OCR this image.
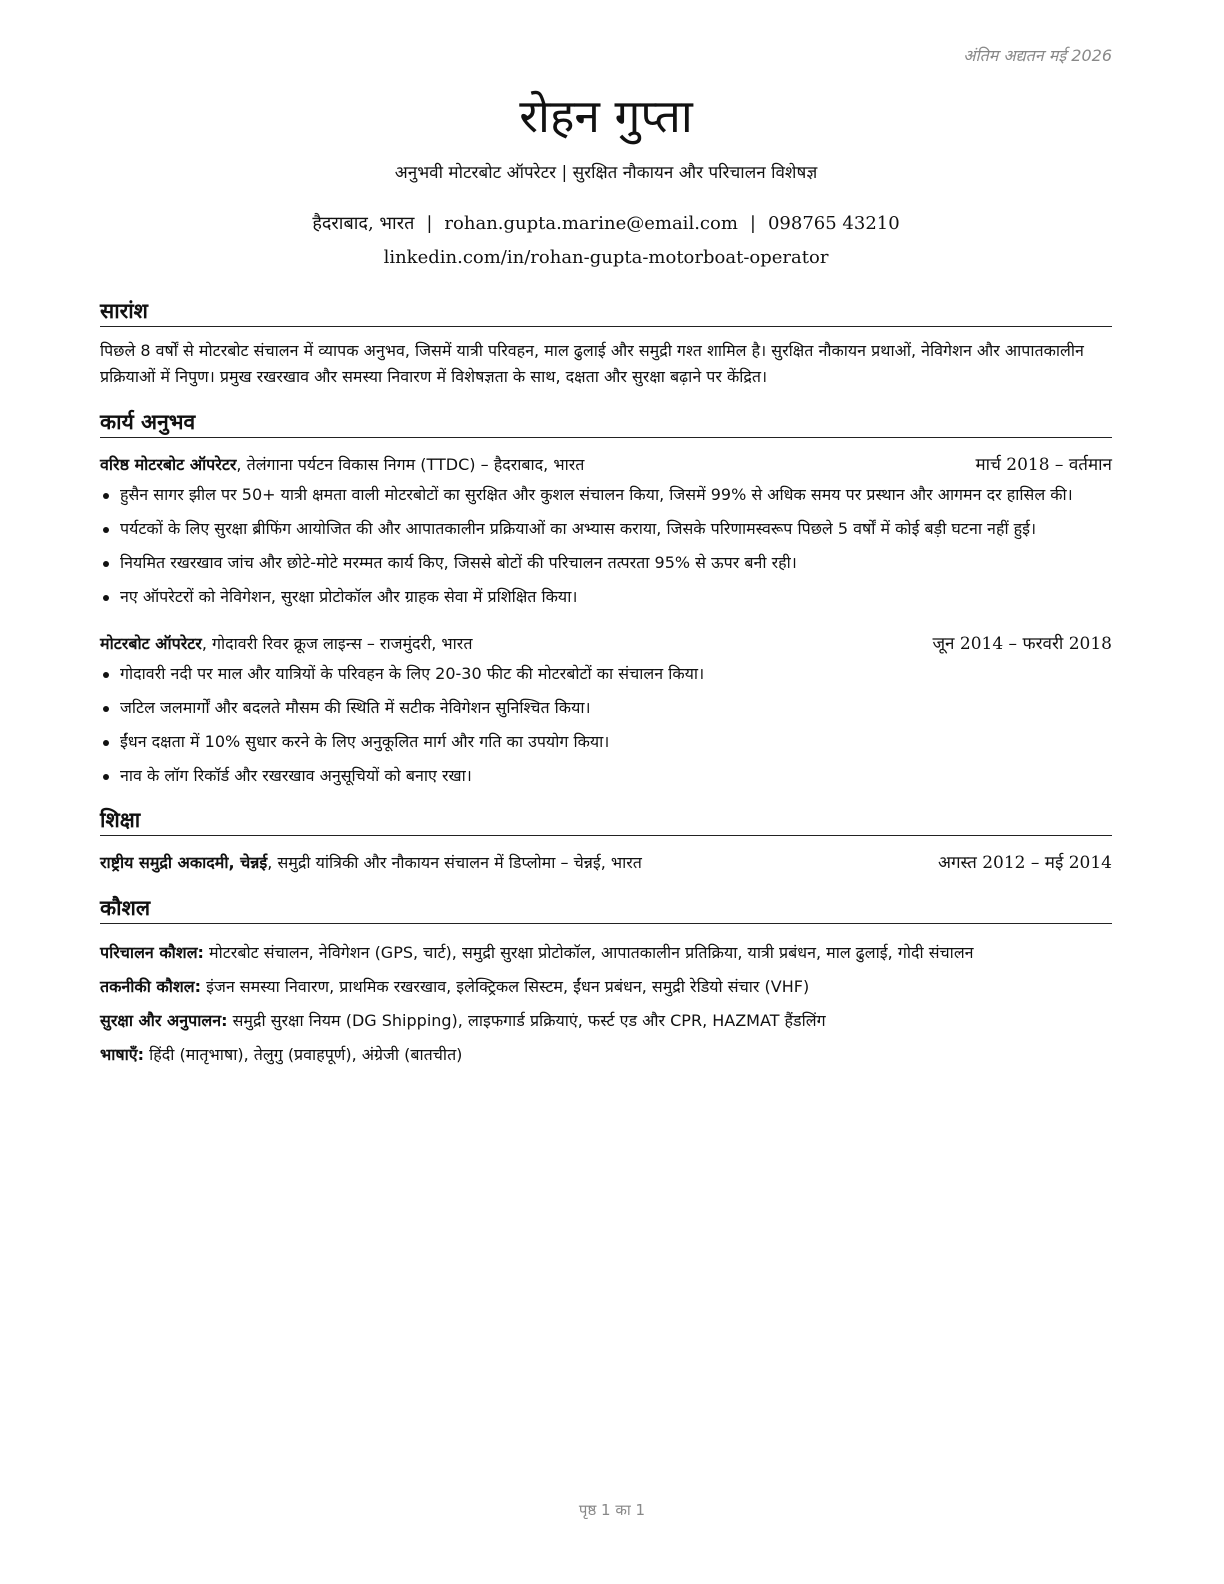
अंतिम अद्यतन मई 2026
रोहन गुप्ता
अनुभवी मोटरबोट ऑपरेटर | सुरक्षित नौकायन और परिचालन विशेषज्ञ
हैदराबाद, भारत | rohan.gupta.marine@email.com | 098765 43210
linkedin.com/in/rohan-gupta-motorboat-operator
सारांश
पिछले 8 वर्षों से मोटरबोट संचालन में व्यापक अनुभव, जिसमें यात्री परिवहन, माल ढुलाई और समुद्री गश्त शामिल है। सुरक्षित नौकायन प्रथाओं, नेविगेशन और आपातकालीन प्रक्रियाओं में निपुण। प्रमुख रखरखाव और समस्या निवारण में विशेषज्ञता के साथ, दक्षता और सुरक्षा बढ़ाने पर केंद्रित।
कार्य अनुभव
वरिष्ठ मोटरबोट ऑपरेटर, तेलंगाना पर्यटन विकास निगम (TTDC) – हैदराबाद, भारत	मार्च 2018 – वर्तमान
हुसैन सागर झील पर 50+ यात्री क्षमता वाली मोटरबोटों का सुरक्षित और कुशल संचालन किया, जिसमें 99% से अधिक समय पर प्रस्थान और आगमन दर हासिल की।
पर्यटकों के लिए सुरक्षा ब्रीफिंग आयोजित की और आपातकालीन प्रक्रियाओं का अभ्यास कराया, जिसके परिणामस्वरूप पिछले 5 वर्षों में कोई बड़ी घटना नहीं हुई।
नियमित रखरखाव जांच और छोटे-मोटे मरम्मत कार्य किए, जिससे बोटों की परिचालन तत्परता 95% से ऊपर बनी रही।
नए ऑपरेटरों को नेविगेशन, सुरक्षा प्रोटोकॉल और ग्राहक सेवा में प्रशिक्षित किया।
मोटरबोट ऑपरेटर, गोदावरी रिवर क्रूज लाइन्स – राजमुंदरी, भारत	जून 2014 – फरवरी 2018
गोदावरी नदी पर माल और यात्रियों के परिवहन के लिए 20-30 फीट की मोटरबोटों का संचालन किया।
जटिल जलमार्गों और बदलते मौसम की स्थिति में सटीक नेविगेशन सुनिश्चित किया।
ईंधन दक्षता में 10% सुधार करने के लिए अनुकूलित मार्ग और गति का उपयोग किया।
नाव के लॉग रिकॉर्ड और रखरखाव अनुसूचियों को बनाए रखा।
शिक्षा
राष्ट्रीय समुद्री अकादमी, चेन्नई, समुद्री यांत्रिकी और नौकायन संचालन में डिप्लोमा – चेन्नई, भारत	अगस्त 2012 – मई 2014
कौशल
परिचालन कौशल: मोटरबोट संचालन, नेविगेशन (GPS, चार्ट), समुद्री सुरक्षा प्रोटोकॉल, आपातकालीन प्रतिक्रिया, यात्री प्रबंधन, माल ढुलाई, गोदी संचालन
तकनीकी कौशल: इंजन समस्या निवारण, प्राथमिक रखरखाव, इलेक्ट्रिकल सिस्टम, ईंधन प्रबंधन, समुद्री रेडियो संचार (VHF)
सुरक्षा और अनुपालन: समुद्री सुरक्षा नियम (DG Shipping), लाइफगार्ड प्रक्रियाएं, फर्स्ट एड और CPR, HAZMAT हैंडलिंग
भाषाएँ: हिंदी (मातृभाषा), तेलुगु (प्रवाहपूर्ण), अंग्रेजी (बातचीत)
पृष्ठ 1 का 1
